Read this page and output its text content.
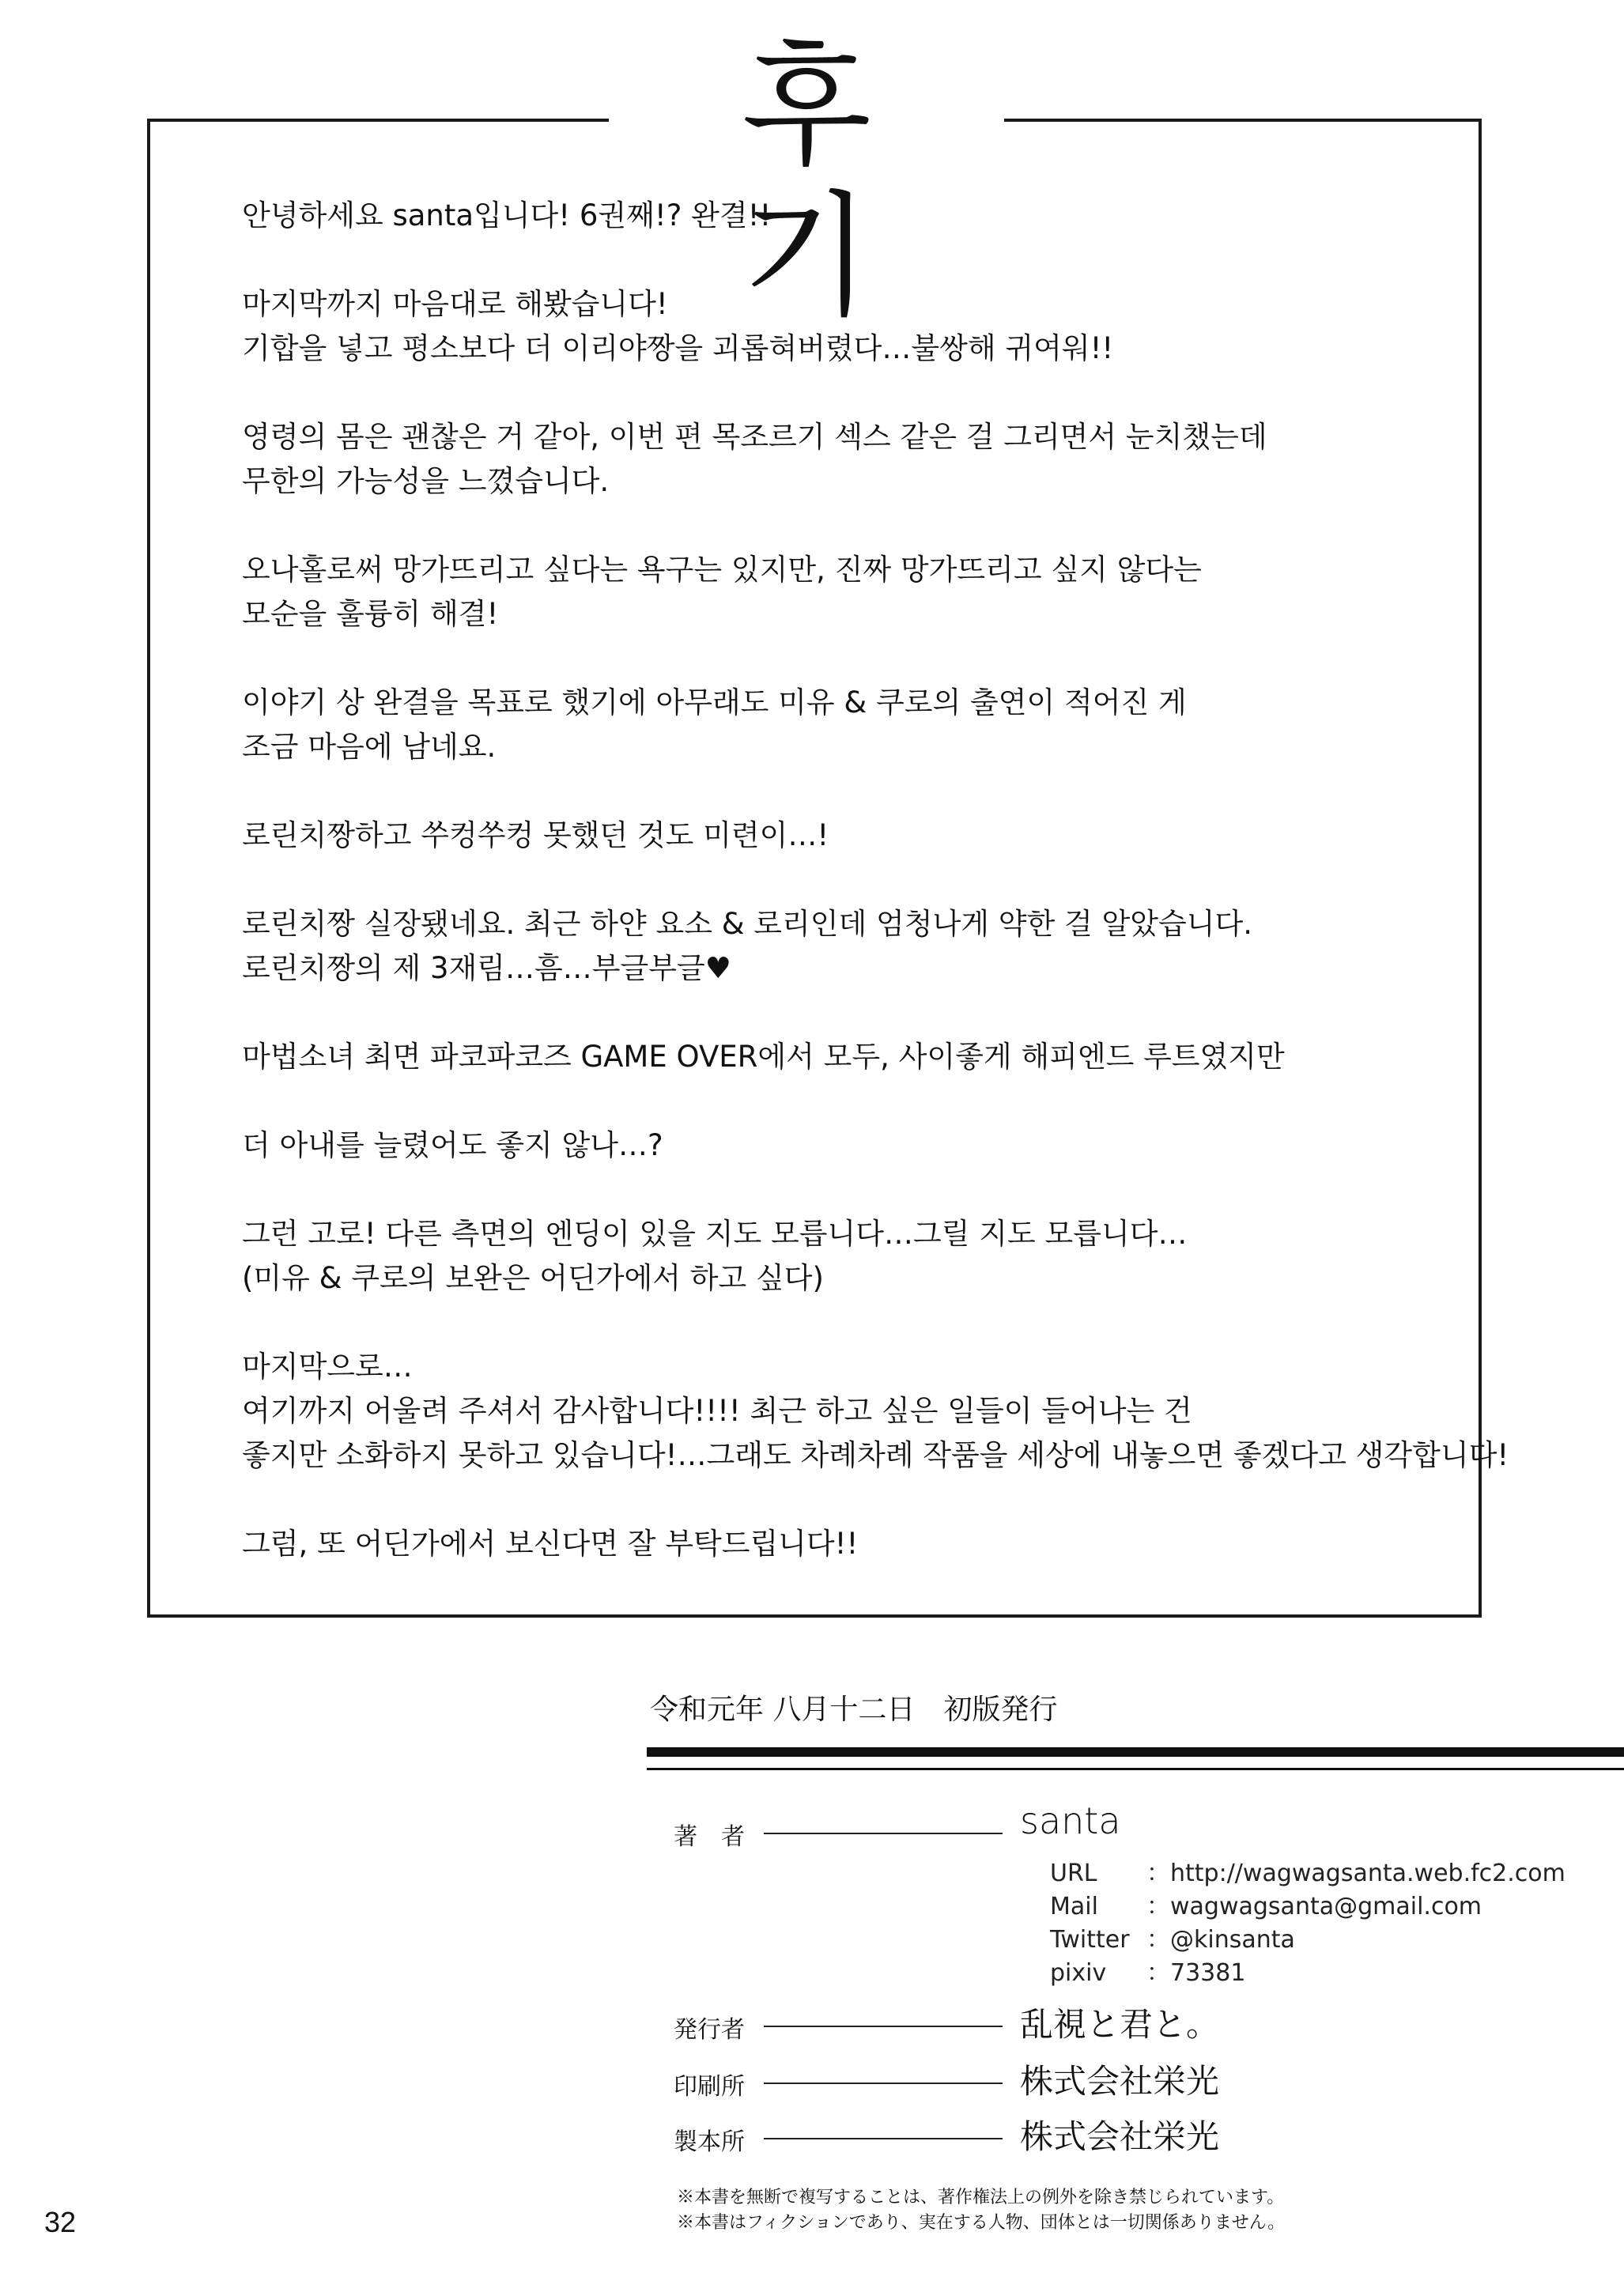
후 기
안녕하세요 santa입니다! 6권째!? 완결!!
마지막까지 마음대로 해봤습니다!
기합을 넣고 평소보다 더 이리야짱을 괴롭혀버렸다…불쌍해 귀여워!!
영령의 몸은 괜찮은 거 같아, 이번 편 목조르기 섹스 같은 걸 그리면서 눈치챘는데
무한의 가능성을 느꼈습니다.
오나홀로써 망가뜨리고 싶다는 욕구는 있지만, 진짜 망가뜨리고 싶지 않다는
모순을 훌륭히 해결!
이야기 상 완결을 목표로 했기에 아무래도 미유 & 쿠로의 출연이 적어진 게
조금 마음에 남네요.
로린치짱하고 쑤컹쑤컹 못했던 것도 미련이…!
로린치짱 실장됐네요. 최근 하얀 요소 & 로리인데 엄청나게 약한 걸 알았습니다.
로린치짱의 제 3재림…흠…부글부글♥
마법소녀 최면 파코파코즈 GAME OVER에서 모두, 사이좋게 해피엔드 루트였지만
더 아내를 늘렸어도 좋지 않나…?
그런 고로! 다른 측면의 엔딩이 있을 지도 모릅니다…그릴 지도 모릅니다…
(미유 & 쿠로의 보완은 어딘가에서 하고 싶다)
마지막으로…
여기까지 어울려 주셔서 감사합니다!!!! 최근 하고 싶은 일들이 들어나는 건
좋지만 소화하지 못하고 있습니다!…그래도 차례차례 작품을 세상에 내놓으면 좋겠다고 생각합니다!
그럼, 또 어딘가에서 보신다면 잘 부탁드립니다!!
令和元年 八月十二日　初版発行
著　者	santa
URL ：http://wagwagsanta.web.fc2.com
Mail ：wagwagsanta@gmail.com
Twitter ：@kinsanta
pixiv ：73381
発行者	乱視と君と。
印刷所	株式会社栄光
製本所	株式会社栄光
※本書を無断で複写することは、著作権法上の例外を除き禁じられています。
※本書はフィクションであり、実在する人物、団体とは一切関係ありません。
32
